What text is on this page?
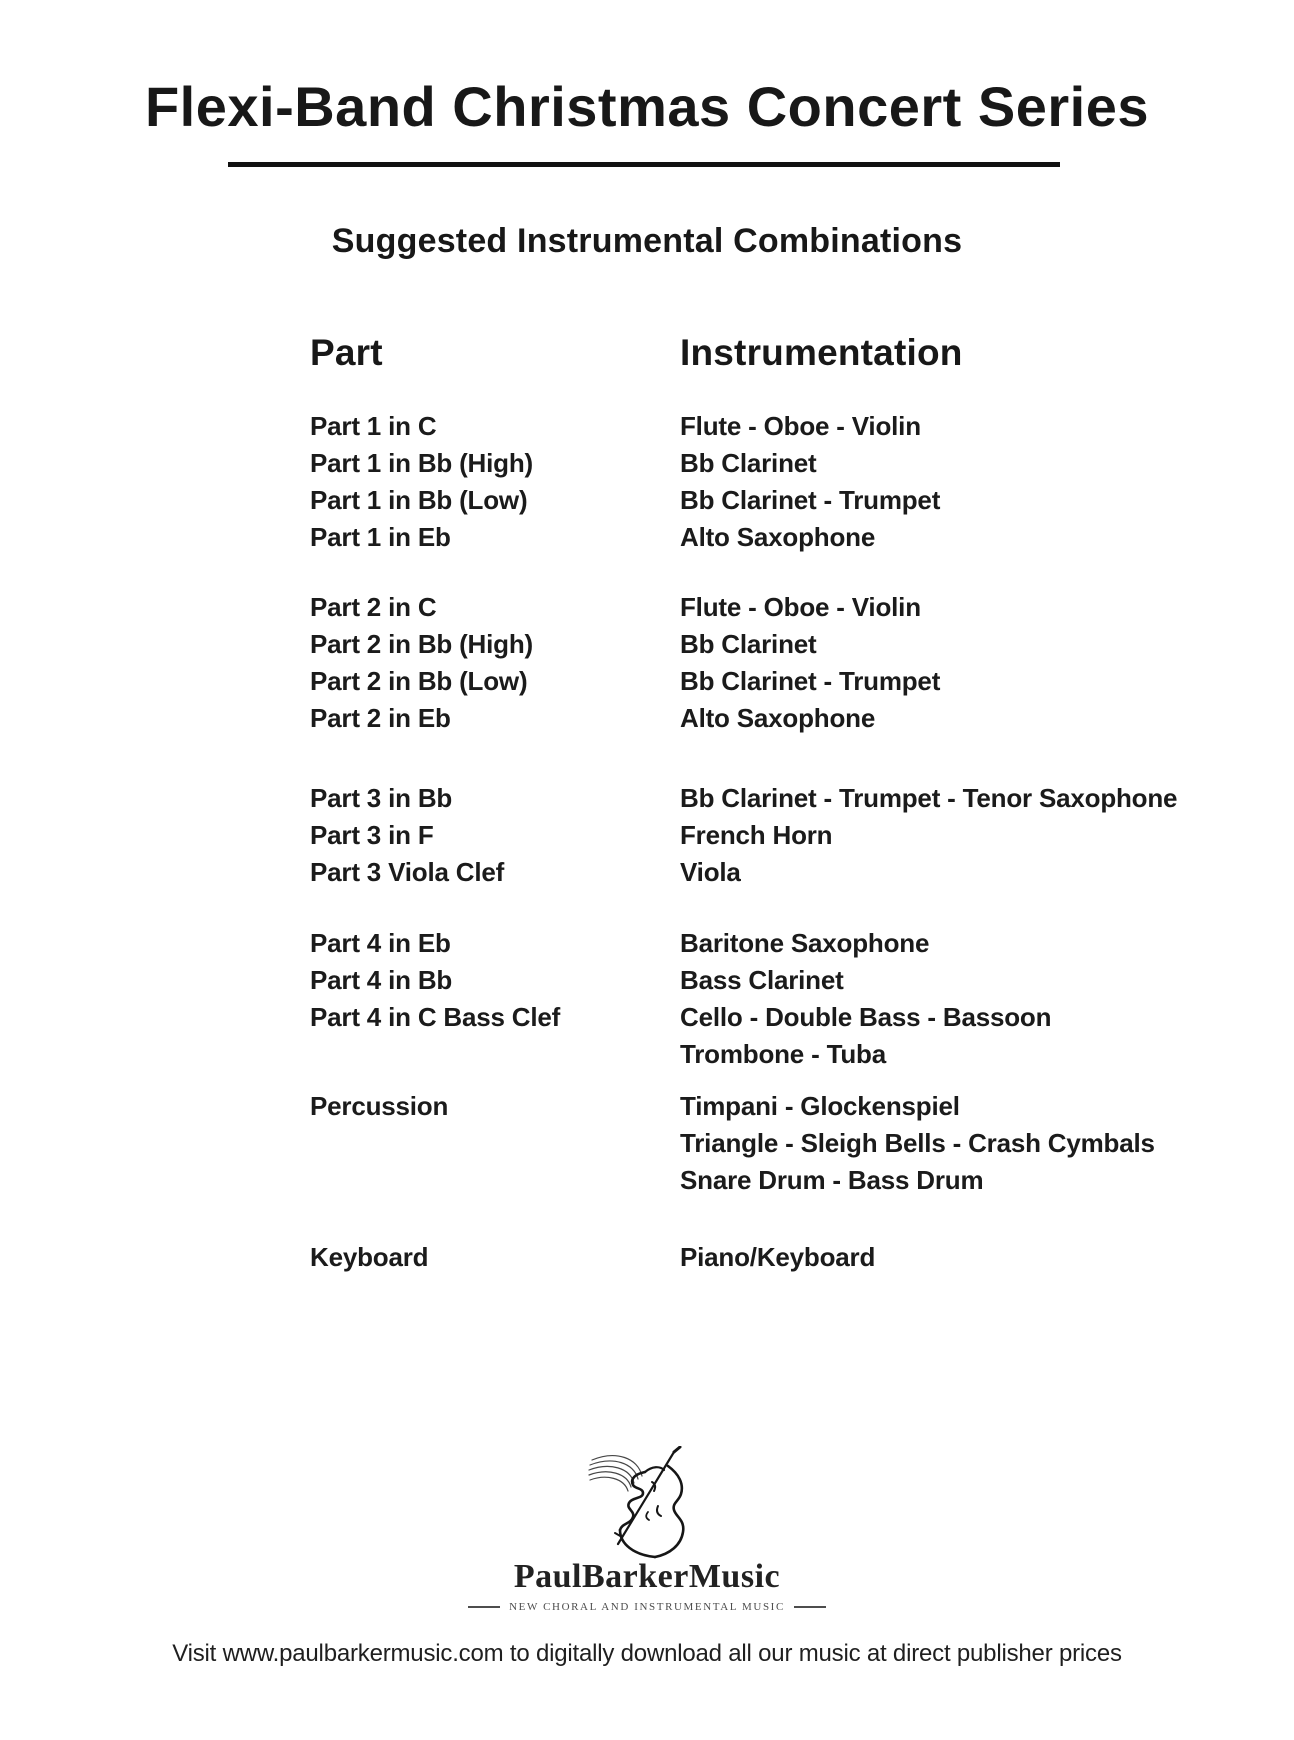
Flexi-Band Christmas Concert Series
Suggested Instrumental Combinations
Part	Instrumentation
Part 1 in C	Flute - Oboe - Violin
Part 1 in Bb (High)	Bb Clarinet
Part 1 in Bb (Low)	Bb Clarinet - Trumpet
Part 1 in Eb	Alto Saxophone
Part 2 in C	Flute - Oboe - Violin
Part 2 in Bb (High)	Bb Clarinet
Part 2 in Bb (Low)	Bb Clarinet - Trumpet
Part 2 in Eb	Alto Saxophone
Part 3 in Bb	Bb Clarinet - Trumpet - Tenor Saxophone
Part 3 in F	French Horn
Part 3 Viola Clef	Viola
Part 4 in Eb	Baritone Saxophone
Part 4 in Bb	Bass Clarinet
Part 4 in C Bass Clef	Cello - Double Bass - Bassoon
Trombone - Tuba
Percussion	Timpani - Glockenspiel
Triangle - Sleigh Bells - Crash Cymbals
Snare Drum - Bass Drum
Keyboard	Piano/Keyboard
PaulBarkerMusic
NEW CHORAL AND INSTRUMENTAL MUSIC
Visit www.paulbarkermusic.com to digitally download all our music at direct publisher prices
